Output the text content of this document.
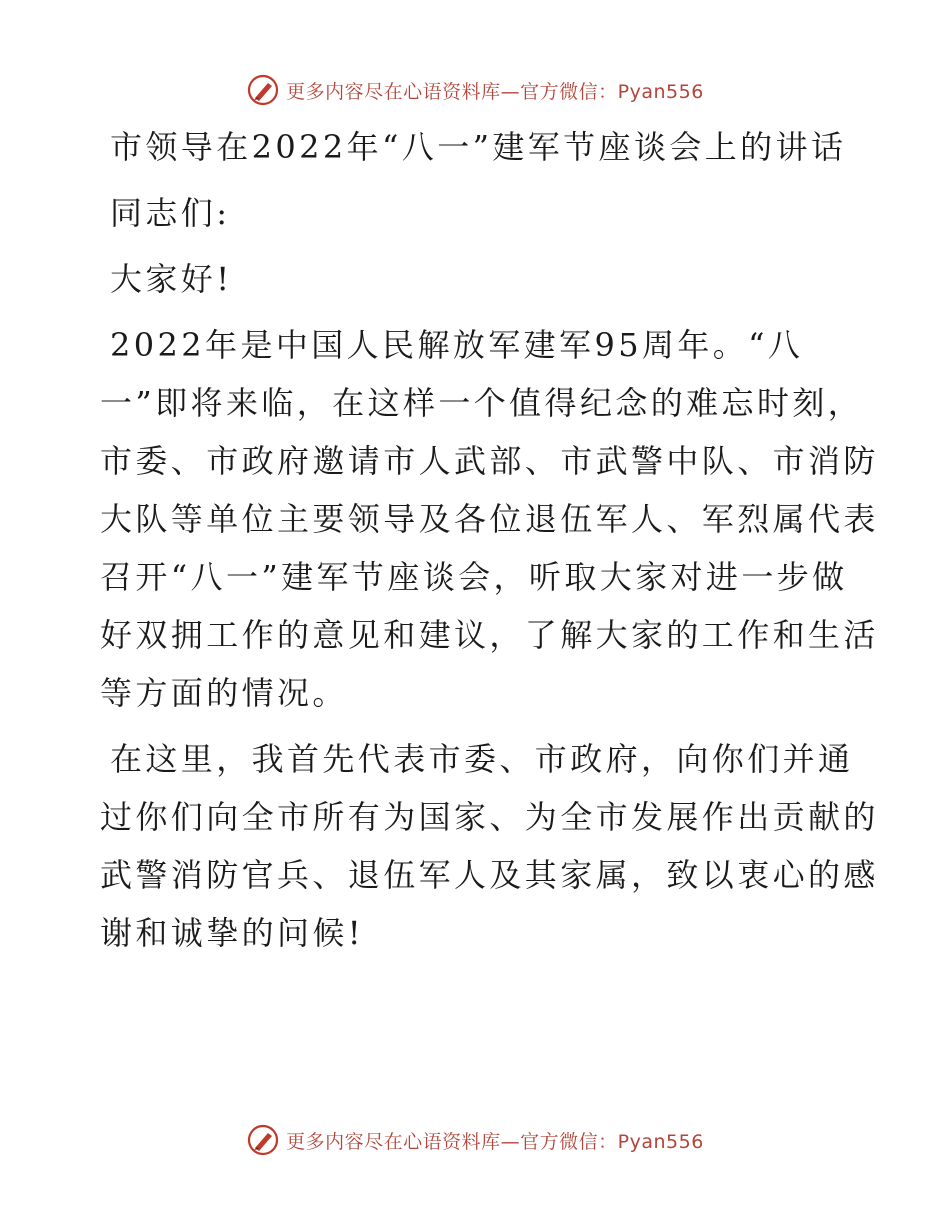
更多内容尽在心语资料库—官方微信：Pyan556

市领导在2022年“八一”建军节座谈会上的讲话

同志们:

大家好!

2022年是中国人民解放军建军95周年。“八

一”即将来临，在这样一个值得纪念的难忘时刻，

市委、市政府邀请市人武部、市武警中队、市消防

大队等单位主要领导及各位退伍军人、军烈属代表

召开“八一”建军节座谈会，听取大家对进一步做

好双拥工作的意见和建议，了解大家的工作和生活

等方面的情况。

在这里，我首先代表市委、市政府，向你们并通

过你们向全市所有为国家、为全市发展作出贡献的

武警消防官兵、退伍军人及其家属，致以衷心的感

谢和诚挚的问候!

更多内容尽在心语资料库—官方微信：Pyan556
